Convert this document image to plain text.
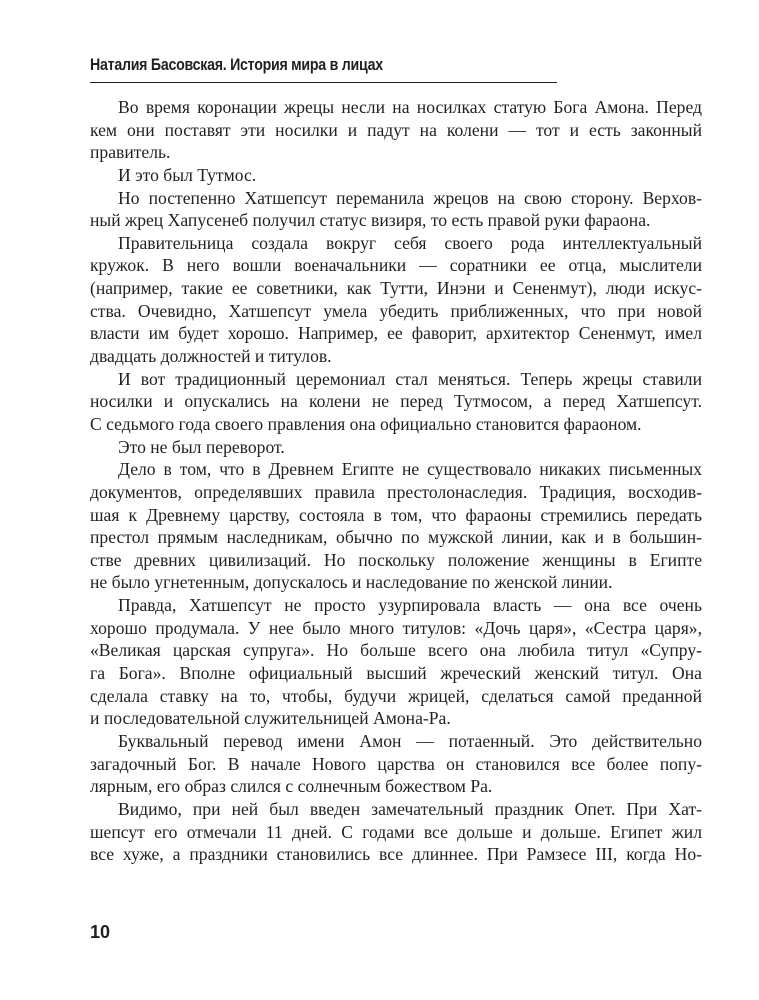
Наталия Басовская. История мира в лицах
Во время коронации жрецы несли на носилках статую Бога Амона. Перед
кем они поставят эти носилки и падут на колени — тот и есть законный
правитель.
И это был Тутмос.
Но постепенно Хатшепсут переманила жрецов на свою сторону. Верхов-
ный жрец Хапусенеб получил статус визиря, то есть правой руки фараона.
Правительница создала вокруг себя своего рода интеллектуальный
кружок. В него вошли военачальники — соратники ее отца, мыслители
(например, такие ее советники, как Тутти, Инэни и Сененмут), люди искус-
ства. Очевидно, Хатшепсут умела убедить приближенных, что при новой
власти им будет хорошо. Например, ее фаворит, архитектор Сененмут, имел
двадцать должностей и титулов.
И вот традиционный церемониал стал меняться. Теперь жрецы ставили
носилки и опускались на колени не перед Тутмосом, а перед Хатшепсут.
С седьмого года своего правления она официально становится фараоном.
Это не был переворот.
Дело в том, что в Древнем Египте не существовало никаких письменных
документов, определявших правила престолонаследия. Традиция, восходив-
шая к Древнему царству, состояла в том, что фараоны стремились передать
престол прямым наследникам, обычно по мужской линии, как и в большин-
стве древних цивилизаций. Но поскольку положение женщины в Египте
не было угнетенным, допускалось и наследование по женской линии.
Правда, Хатшепсут не просто узурпировала власть — она все очень
хорошо продумала. У нее было много титулов: «Дочь царя», «Сестра царя»,
«Великая царская супруга». Но больше всего она любила титул «Супру-
га Бога». Вполне официальный высший жреческий женский титул. Она
сделала ставку на то, чтобы, будучи жрицей, сделаться самой преданной
и последовательной служительницей Амона-Ра.
Буквальный перевод имени Амон — потаенный. Это действительно
загадочный Бог. В начале Нового царства он становился все более попу-
лярным, его образ слился с солнечным божеством Ра.
Видимо, при ней был введен замечательный праздник Опет. При Хат-
шепсут его отмечали 11 дней. С годами все дольше и дольше. Египет жил
все хуже, а праздники становились все длиннее. При Рамзесе III, когда Но-
10
